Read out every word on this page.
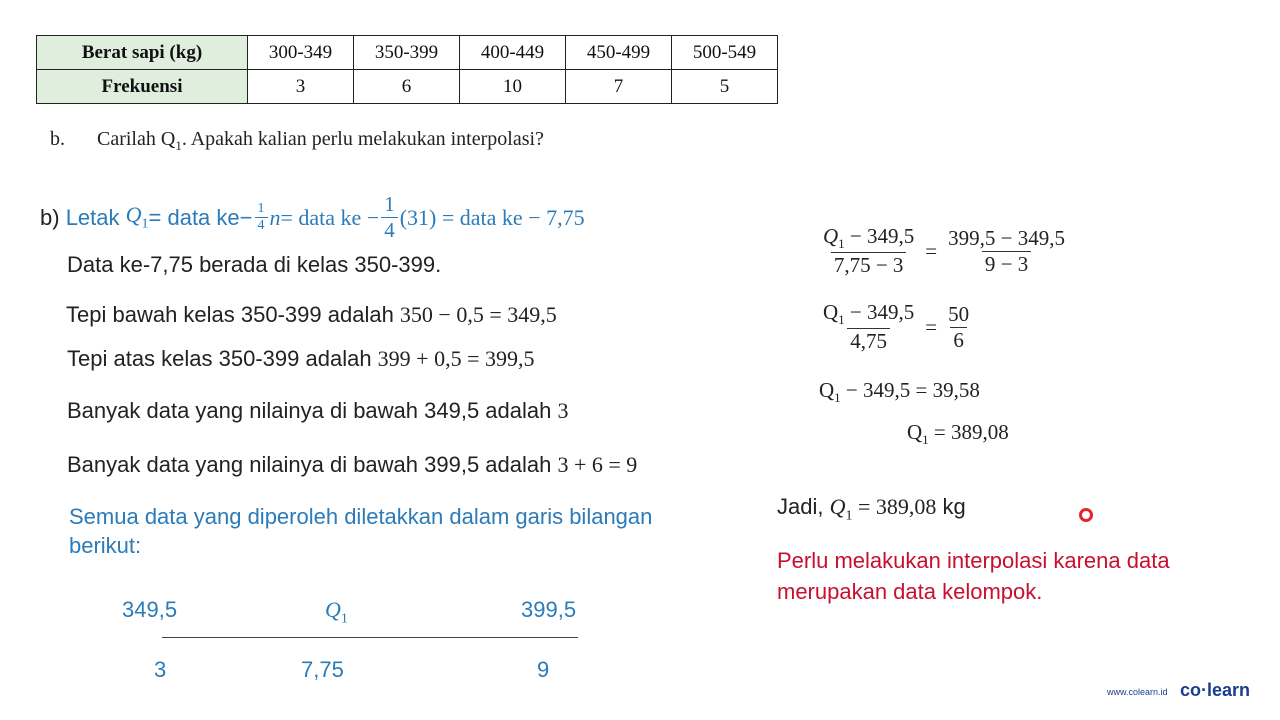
Berat sapi (kg)	300-349	350-399	400-449	450-499	500-549
Frekuensi	3	6	10	7	5
b. Carilah $Q_1$. Apakah kalian perlu melakukan interpolasi?
b) Letak $Q_1$ = data $ke- \frac{1}{4}$ n = data ke − $\frac{1}{4} (31)$ = data ke − 7,75
Data ke-7,75 berada di kelas 350-399.
Tepi bawah kelas 350-399 adalah 350 − 0,5 = 349,5
Tepi atas kelas 350-399 adalah 399 + 0,5 = 399,5
Banyak data yang nilainya di bawah 349,5 adalah 3
Banyak data yang nilainya di bawah 399,5 adalah 3 + 6 = 9
Semua data yang diperoleh diletakkan dalam garis bilangan
berikut:
349,5	$Q_1$	399,5
3	7,75	9
$\frac{Q_1 - 349,5}{7,75 - 3} = \frac{399,5 - 349,5}{9 - 3}$
$\frac{Q_1 - 349,5}{4,75} = \frac{50}{6}$
$Q_1 - 349,5 = 39,58$
$Q_1 = 389,08$
Jadi, $Q_1 = 389,08$ kg
Perlu melakukan interpolasi karena data
merupakan data kelompok.
www.colearn.id co·learn
